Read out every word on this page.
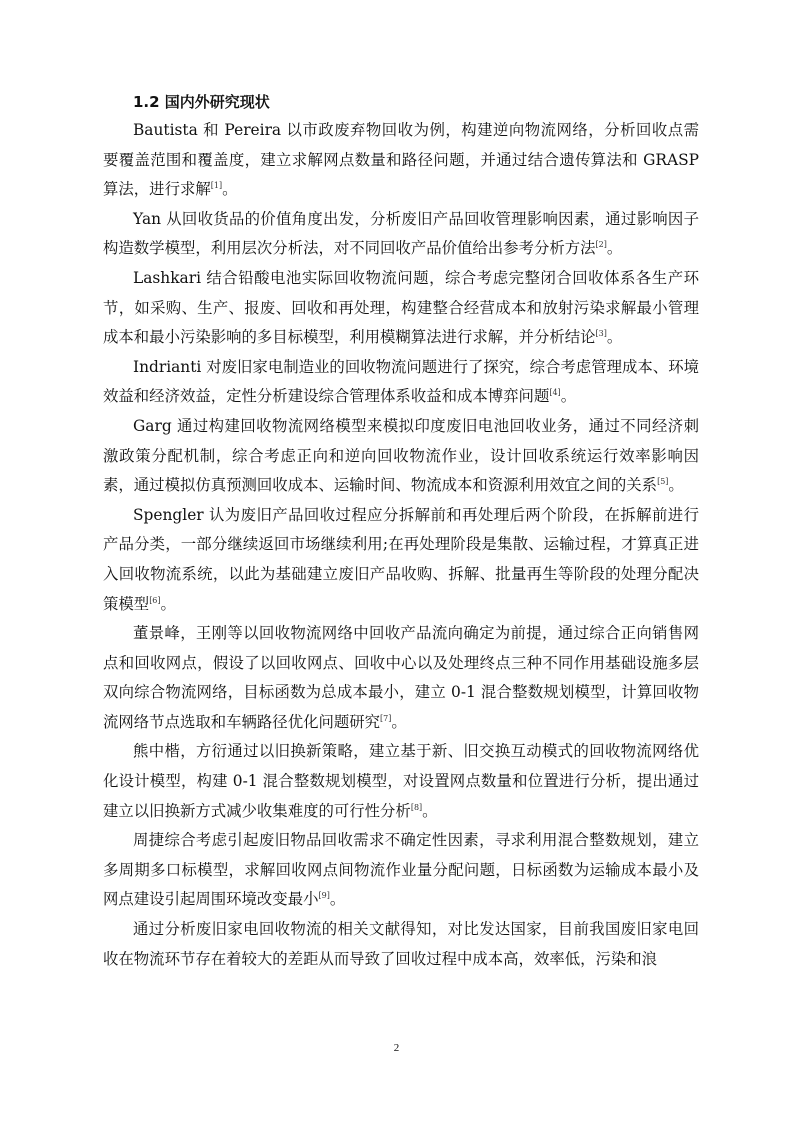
1.2 国内外研究现状

Bautista 和 Pereira 以市政废弃物回收为例，构建逆向物流网络，分析回收点需要覆盖范围和覆盖度，建立求解网点数量和路径问题，并通过结合遗传算法和 GRASP 算法，进行求解[1]。

Yan 从回收货品的价值角度出发，分析废旧产品回收管理影响因素，通过影响因子构造数学模型，利用层次分析法，对不同回收产品价值给出参考分析方法[2]。

Lashkari 结合铅酸电池实际回收物流问题，综合考虑完整闭合回收体系各生产环节，如采购、生产、报废、回收和再处理，构建整合经营成本和放射污染求解最小管理成本和最小污染影响的多目标模型，利用模糊算法进行求解，并分析结论[3]。

Indrianti 对废旧家电制造业的回收物流问题进行了探究，综合考虑管理成本、环境效益和经济效益，定性分析建设综合管理体系收益和成本博弈问题[4]。

Garg 通过构建回收物流网络模型来模拟印度废旧电池回收业务，通过不同经济刺激政策分配机制，综合考虑正向和逆向回收物流作业，设计回收系统运行效率影响因素，通过模拟仿真预测回收成本、运输时间、物流成本和资源利用效宜之间的关系[5]。

Spengler 认为废旧产品回收过程应分拆解前和再处理后两个阶段，在拆解前进行产品分类，一部分继续返回市场继续利用;在再处理阶段是集散、运输过程，才算真正进入回收物流系统，以此为基础建立废旧产品收购、拆解、批量再生等阶段的处理分配决策模型[6]。

董景峰，王刚等以回收物流网络中回收产品流向确定为前提，通过综合正向销售网点和回收网点，假设了以回收网点、回收中心以及处理终点三种不同作用基础设施多层双向综合物流网络，目标函数为总成本最小，建立 0-1 混合整数规划模型，计算回收物流网络节点选取和车辆路径优化问题研究[7]。

熊中楷，方衍通过以旧换新策略，建立基于新、旧交换互动模式的回收物流网络优化设计模型，构建 0-1 混合整数规划模型，对设置网点数量和位置进行分析，提出通过建立以旧换新方式减少收集难度的可行性分析[8]。

周捷综合考虑引起废旧物品回收需求不确定性因素，寻求利用混合整数规划，建立多周期多口标模型，求解回收网点间物流作业量分配问题，日标函数为运输成本最小及网点建设引起周围环境改变最小[9]。

通过分析废旧家电回收物流的相关文献得知，对比发达国家，目前我国废旧家电回收在物流环节存在着较大的差距从而导致了回收过程中成本高，效率低，污染和浪

2
